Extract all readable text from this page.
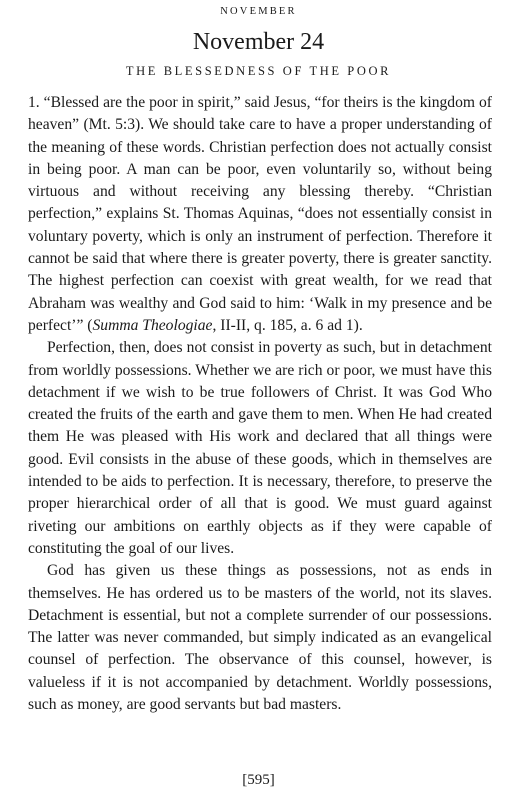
NOVEMBER
November 24
THE BLESSEDNESS OF THE POOR

1. “Blessed are the poor in spirit,” said Jesus, “for theirs is the kingdom of heaven” (Mt. 5:3). We should take care to have a proper understanding of the meaning of these words. Christian perfection does not actually consist in being poor. A man can be poor, even voluntarily so, without being virtuous and without receiving any blessing thereby. “Christian perfection,” explains St. Thomas Aquinas, “does not essentially consist in voluntary poverty, which is only an instrument of perfection. Therefore it cannot be said that where there is greater poverty, there is greater sanctity. The highest perfection can coexist with great wealth, for we read that Abraham was wealthy and God said to him: ‘Walk in my presence and be perfect’” (Summa Theologiae, II-II, q. 185, a. 6 ad 1).

Perfection, then, does not consist in poverty as such, but in detachment from worldly possessions. Whether we are rich or poor, we must have this detachment if we wish to be true followers of Christ. It was God Who created the fruits of the earth and gave them to men. When He had created them He was pleased with His work and declared that all things were good. Evil consists in the abuse of these goods, which in themselves are intended to be aids to perfection. It is necessary, therefore, to preserve the proper hierarchical order of all that is good. We must guard against riveting our ambitions on earthly objects as if they were capable of constituting the goal of our lives.

God has given us these things as possessions, not as ends in themselves. He has ordered us to be masters of the world, not its slaves. Detachment is essential, but not a complete surrender of our possessions. The latter was never commanded, but simply indicated as an evangelical counsel of perfection. The observance of this counsel, however, is valueless if it is not accompanied by detachment. Worldly possessions, such as money, are good servants but bad masters.

[595]
